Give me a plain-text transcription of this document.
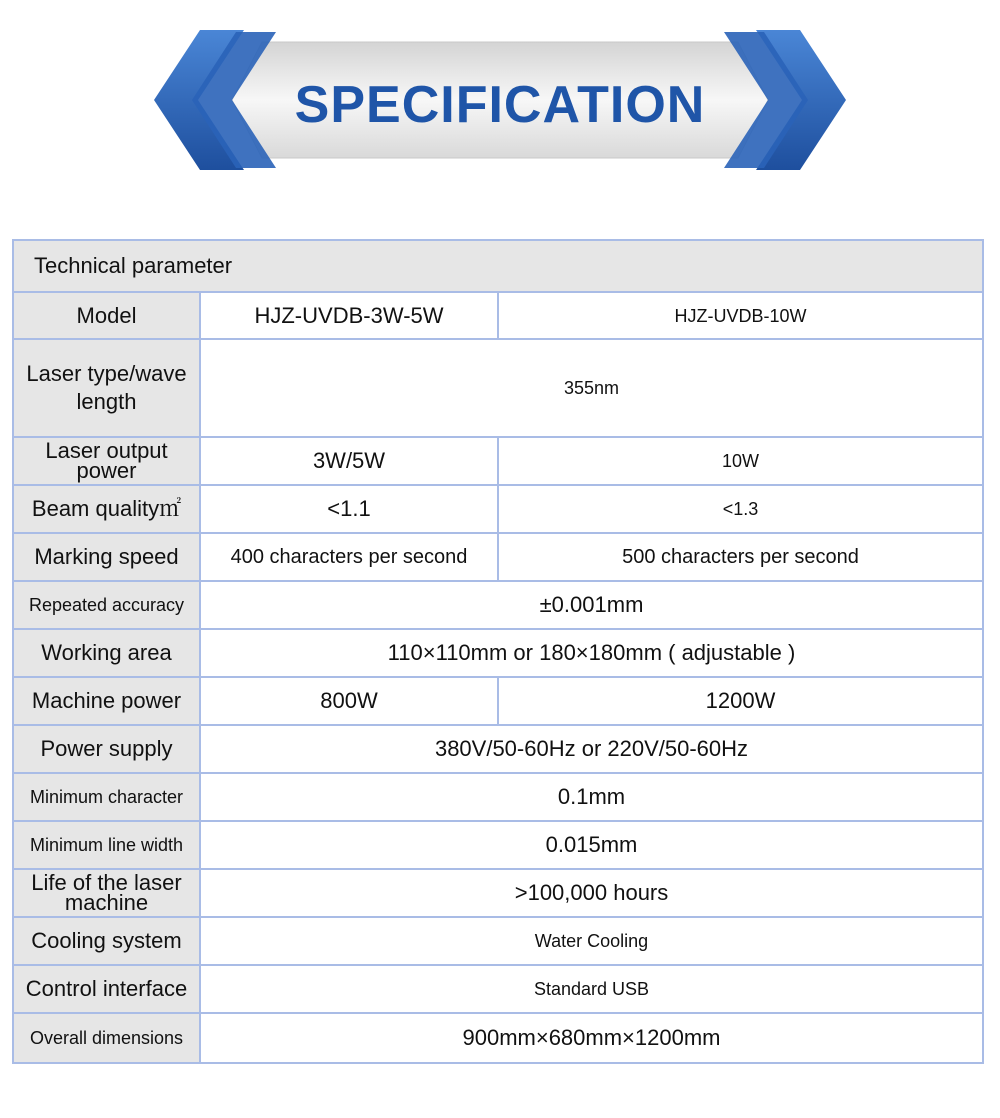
SPECIFICATION
Technical parameter		
Model	HJZ-UVDB-3W-5W	HJZ-UVDB-10W
Laser type/wave length	355nm	
Laser output power	3W/5W	10W
Beam quality㎡	<1.1	<1.3
Marking speed	400 characters per second	500 characters per second
Repeated accuracy	±0.001mm	
Working area	110×110mm or 180×180mm ( adjustable )	
Machine power	800W	1200W
Power supply	380V/50-60Hz or 220V/50-60Hz	
Minimum character	0.1mm	
Minimum line width	0.015mm	
Life of the laser machine	>100,000 hours	
Cooling system	Water Cooling	
Control interface	Standard USB	
Overall dimensions	900mm×680mm×1200mm	
